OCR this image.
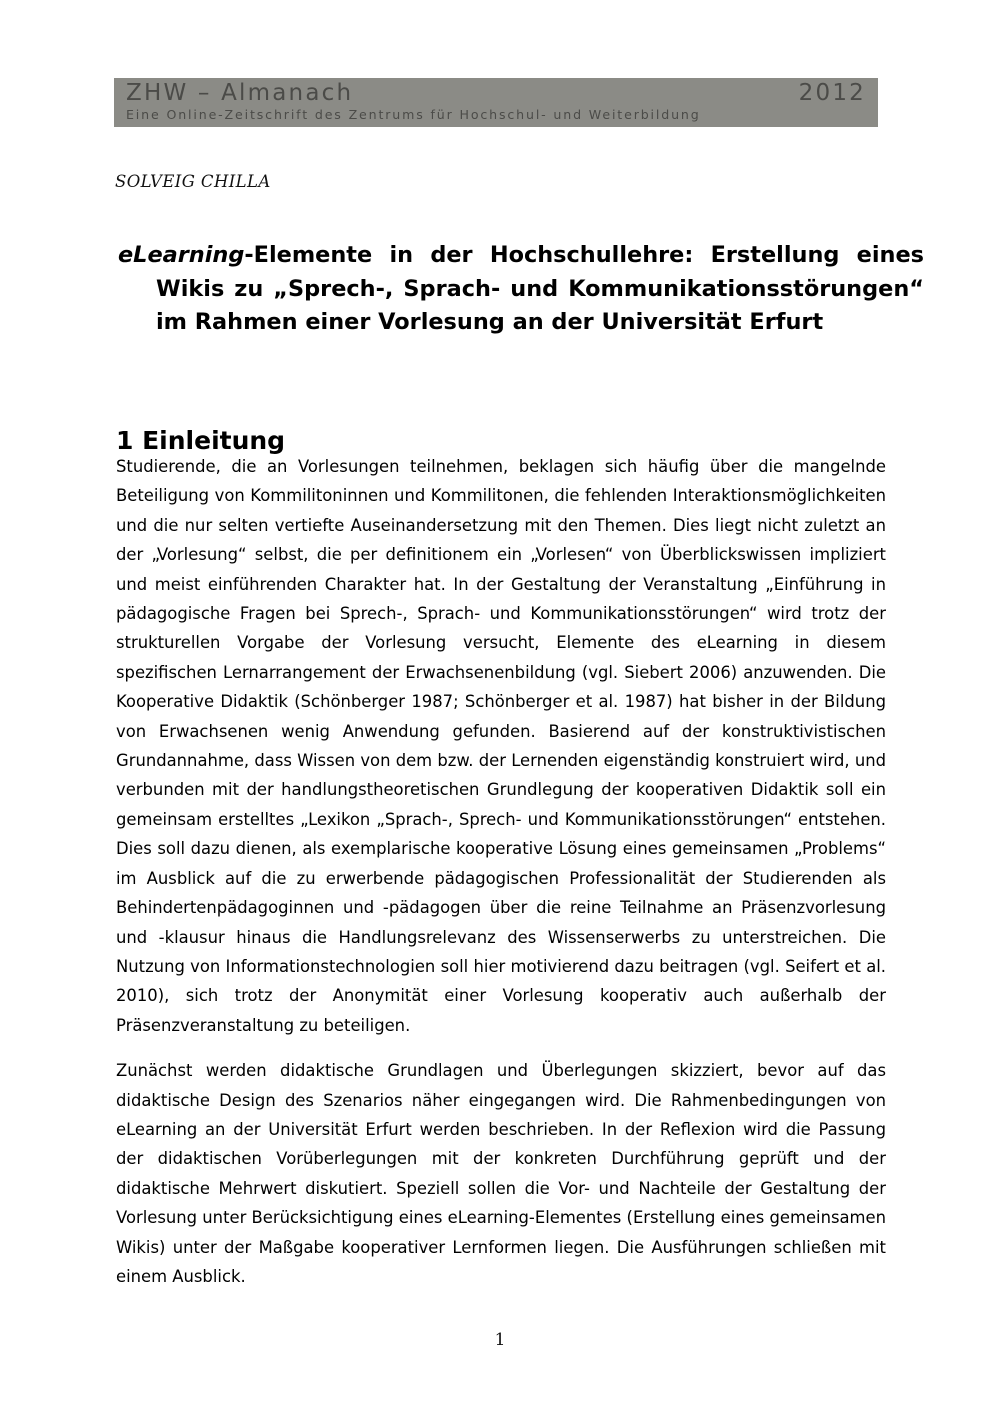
ZHW – Almanach	2012
Eine Online-Zeitschrift des Zentrums für Hochschul- und Weiterbildung
SOLVEIG CHILLA
eLearning-Elemente in der Hochschullehre: Erstellung eines Wikis zu „Sprech-, Sprach- und Kommunikationsstörungen“ im Rahmen einer Vorlesung an der Universität Erfurt
1 Einleitung

Studierende, die an Vorlesungen teilnehmen, beklagen sich häufig über die mangelnde Beteiligung von Kommilitoninnen und Kommilitonen, die fehlenden Interaktionsmöglichkeiten und die nur selten vertiefte Auseinandersetzung mit den Themen. Dies liegt nicht zuletzt an der „Vorlesung“ selbst, die per definitionem ein „Vorlesen“ von Überblickswissen impliziert und meist einführenden Charakter hat. In der Gestaltung der Veranstaltung „Einführung in pädagogische Fragen bei Sprech-, Sprach- und Kommunikationsstörungen“ wird trotz der strukturellen Vorgabe der Vorlesung versucht, Elemente des eLearning in diesem spezifischen Lernarrangement der Erwachsenenbildung (vgl. Siebert 2006) anzuwenden. Die Kooperative Didaktik (Schönberger 1987; Schönberger et al. 1987) hat bisher in der Bildung von Erwachsenen wenig Anwendung gefunden. Basierend auf der konstruktivistischen Grundannahme, dass Wissen von dem bzw. der Lernenden eigenständig konstruiert wird, und verbunden mit der handlungstheoretischen Grundlegung der kooperativen Didaktik soll ein gemeinsam erstelltes „Lexikon „Sprach-, Sprech- und Kommunikationsstörungen“ entstehen. Dies soll dazu dienen, als exemplarische kooperative Lösung eines gemeinsamen „Problems“ im Ausblick auf die zu erwerbende pädagogischen Professionalität der Studierenden als Behindertenpädagoginnen und -pädagogen über die reine Teilnahme an Präsenzvorlesung und -klausur hinaus die Handlungsrelevanz des Wissenserwerbs zu unterstreichen. Die Nutzung von Informationstechnologien soll hier motivierend dazu beitragen (vgl. Seifert et al. 2010), sich trotz der Anonymität einer Vorlesung kooperativ auch außerhalb der Präsenzveranstaltung zu beteiligen.

Zunächst werden didaktische Grundlagen und Überlegungen skizziert, bevor auf das didaktische Design des Szenarios näher eingegangen wird. Die Rahmenbedingungen von eLearning an der Universität Erfurt werden beschrieben. In der Reflexion wird die Passung der didaktischen Vorüberlegungen mit der konkreten Durchführung geprüft und der didaktische Mehrwert diskutiert. Speziell sollen die Vor- und Nachteile der Gestaltung der Vorlesung unter Berücksichtigung eines eLearning-Elementes (Erstellung eines gemeinsamen Wikis) unter der Maßgabe kooperativer Lernformen liegen. Die Ausführungen schließen mit einem Ausblick.

1
